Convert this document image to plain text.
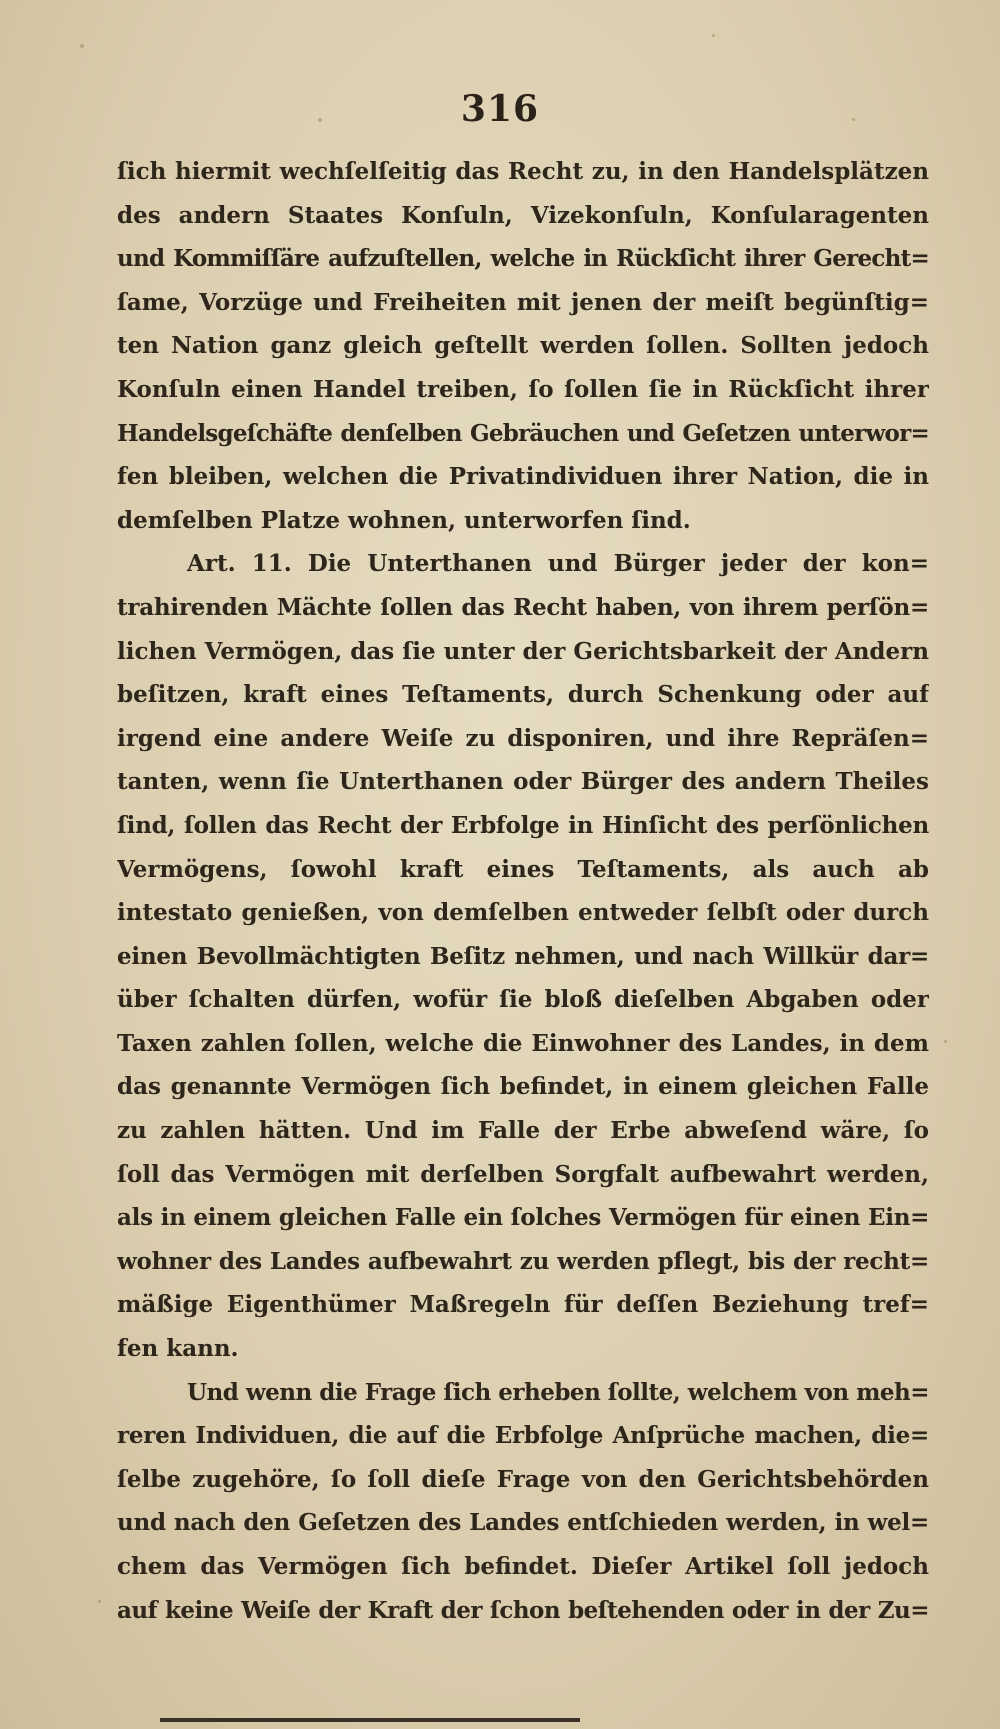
316
ſich hiermit wechſelſeitig das Recht zu, in den Handelsplätzen
des andern Staates Konſuln, Vizekonſuln, Konſularagenten
und Kommiſſäre aufzuſtellen, welche in Rückſicht ihrer Gerecht=
ſame, Vorzüge und Freiheiten mit jenen der meiſt begünſtig=
ten Nation ganz gleich geſtellt werden ſollen. Sollten jedoch
Konſuln einen Handel treiben, ſo ſollen ſie in Rückſicht ihrer
Handelsgeſchäfte denſelben Gebräuchen und Geſetzen unterwor=
fen bleiben, welchen die Privatindividuen ihrer Nation, die in
demſelben Platze wohnen, unterworfen ſind.
Art. 11. Die Unterthanen und Bürger jeder der kon=
trahirenden Mächte ſollen das Recht haben, von ihrem perſön=
lichen Vermögen, das ſie unter der Gerichtsbarkeit der Andern
beſitzen, kraft eines Teſtaments, durch Schenkung oder auf
irgend eine andere Weiſe zu disponiren, und ihre Repräſen=
tanten, wenn ſie Unterthanen oder Bürger des andern Theiles
ſind, ſollen das Recht der Erbfolge in Hinſicht des perſönlichen
Vermögens, ſowohl kraft eines Teſtaments, als auch ab
intestato genießen, von demſelben entweder ſelbſt oder durch
einen Bevollmächtigten Beſitz nehmen, und nach Willkür dar=
über ſchalten dürfen, wofür ſie bloß dieſelben Abgaben oder
Taxen zahlen ſollen, welche die Einwohner des Landes, in dem
das genannte Vermögen ſich befindet, in einem gleichen Falle
zu zahlen hätten. Und im Falle der Erbe abweſend wäre, ſo
ſoll das Vermögen mit derſelben Sorgfalt aufbewahrt werden,
als in einem gleichen Falle ein ſolches Vermögen für einen Ein=
wohner des Landes aufbewahrt zu werden pflegt, bis der recht=
mäßige Eigenthümer Maßregeln für deſſen Beziehung tref=
fen kann.
Und wenn die Frage ſich erheben ſollte, welchem von meh=
reren Individuen, die auf die Erbfolge Anſprüche machen, die=
ſelbe zugehöre, ſo ſoll dieſe Frage von den Gerichtsbehörden
und nach den Geſetzen des Landes entſchieden werden, in wel=
chem das Vermögen ſich befindet. Dieſer Artikel ſoll jedoch
auf keine Weiſe der Kraft der ſchon beſtehenden oder in der Zu=
